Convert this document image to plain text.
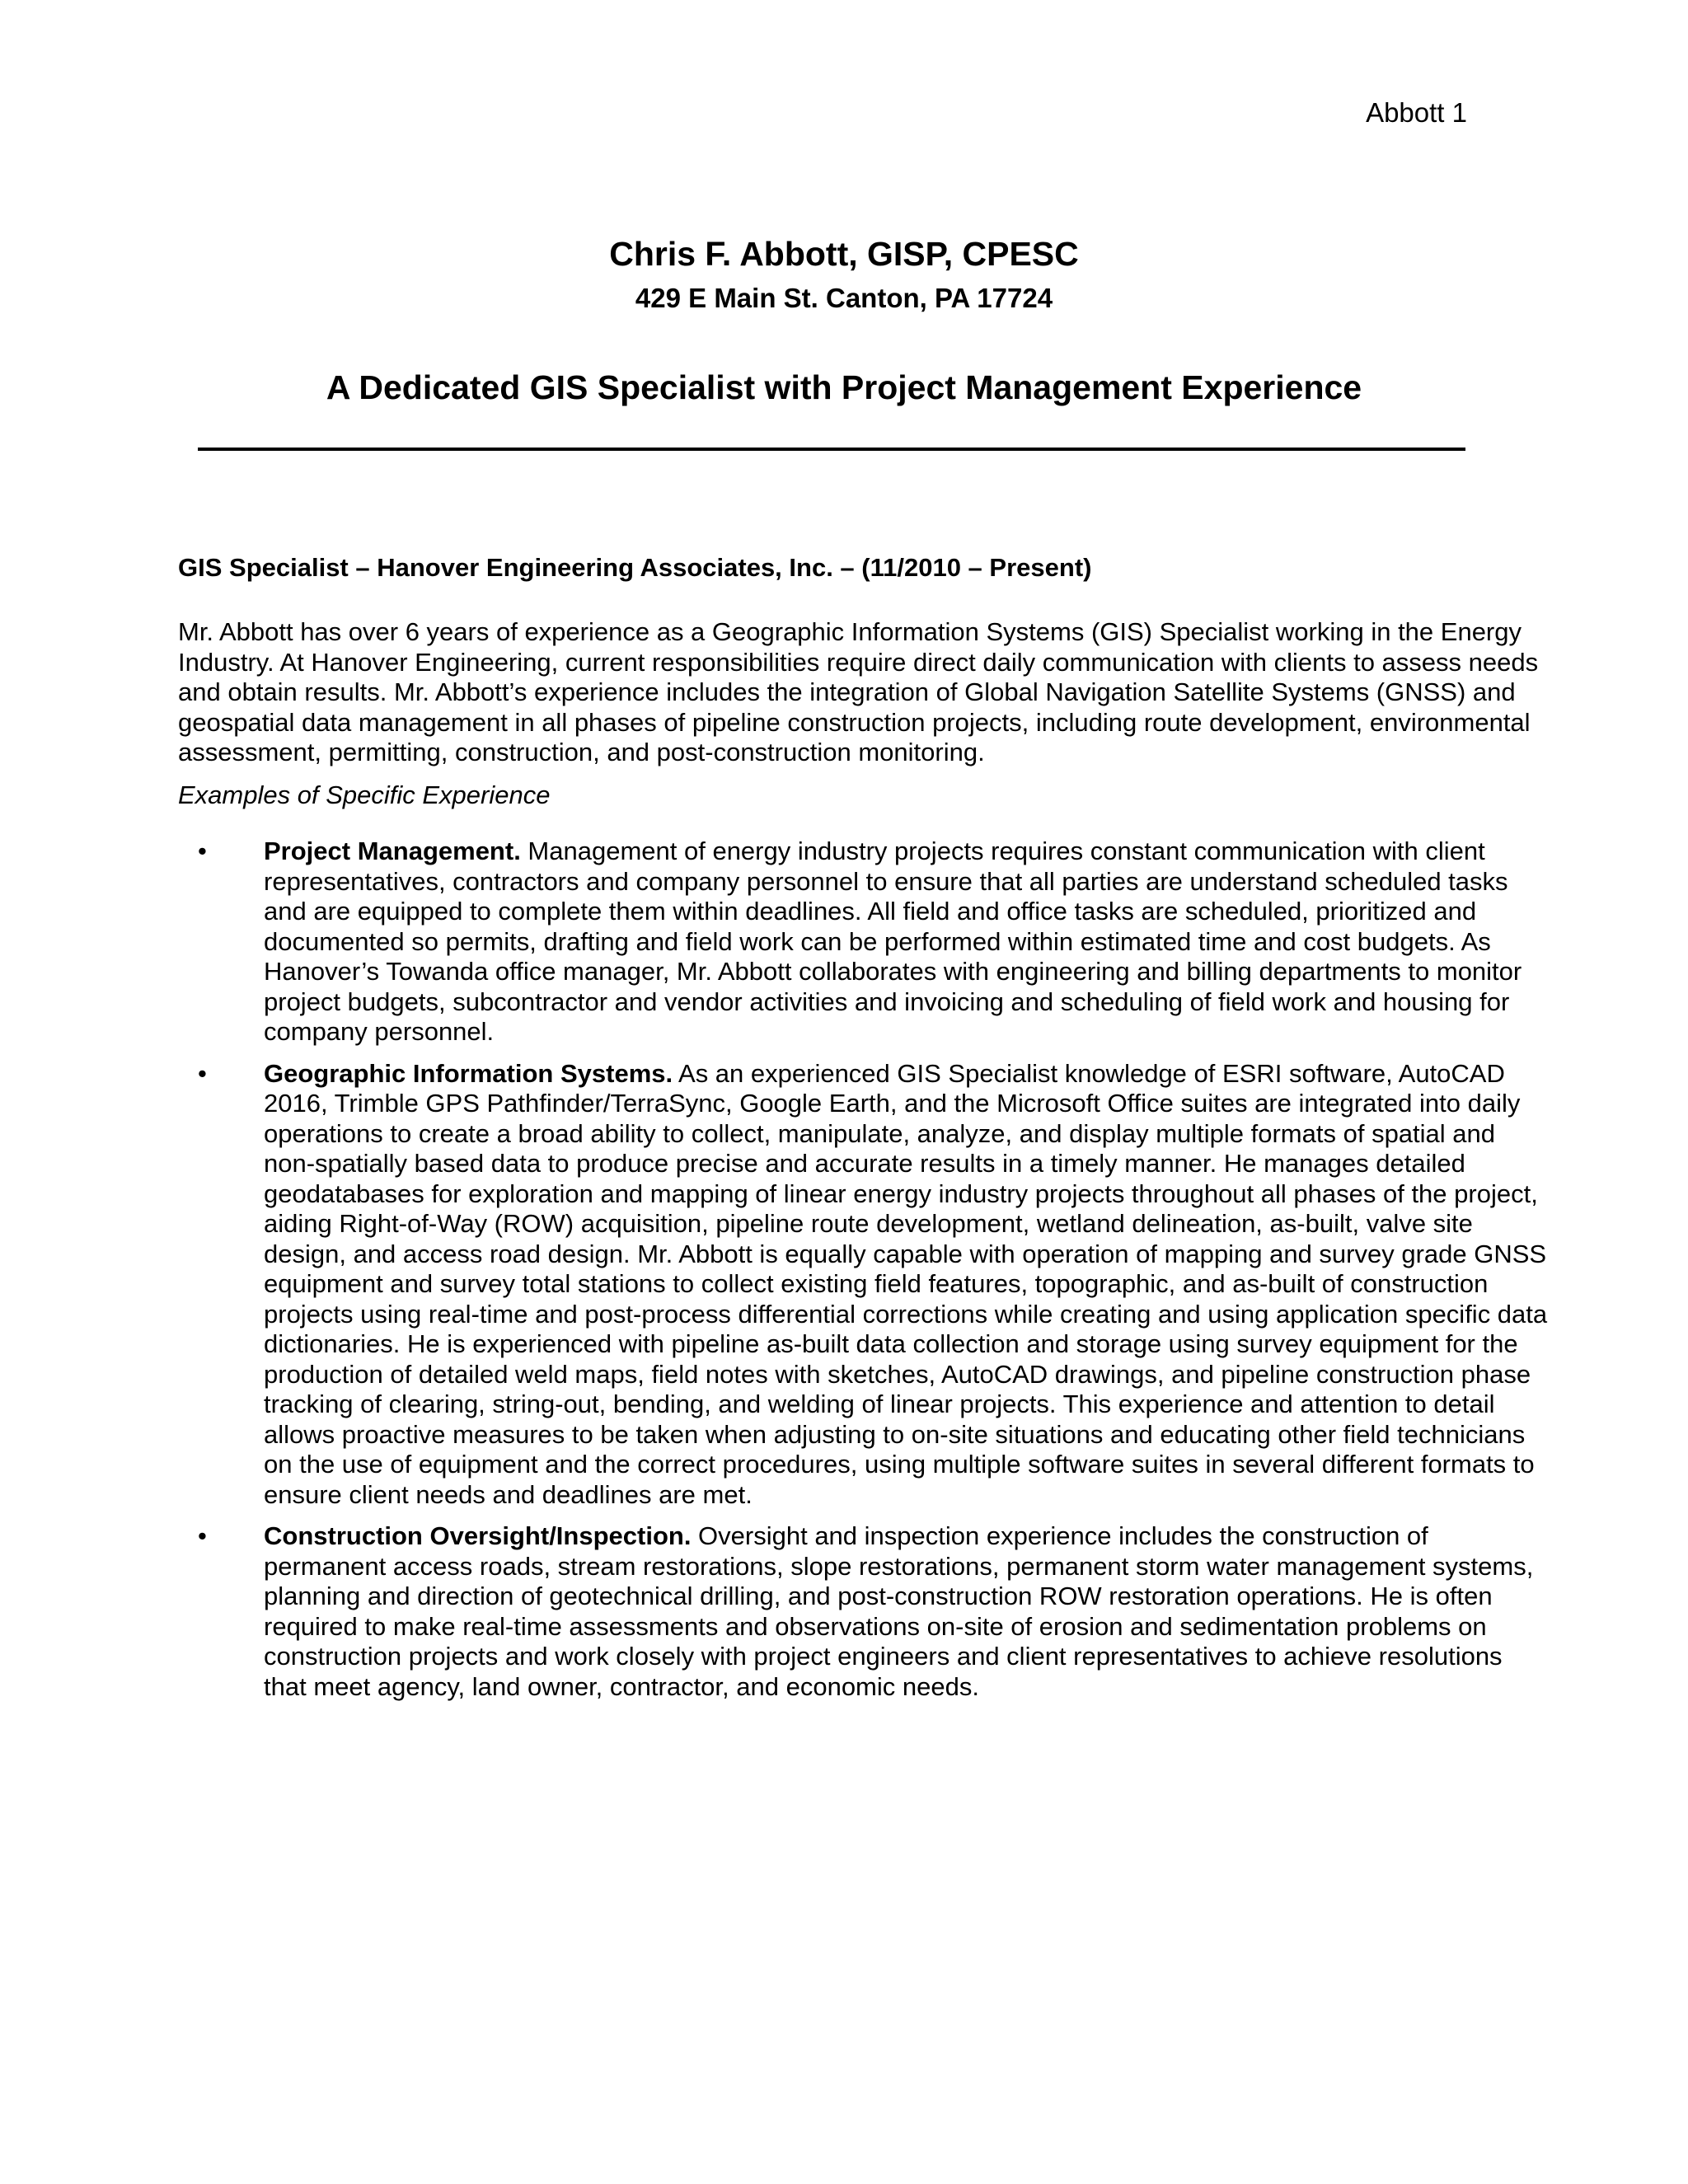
Abbott 1
Chris F. Abbott, GISP, CPESC
429 E Main St. Canton, PA 17724
A Dedicated GIS Specialist with Project Management Experience
GIS Specialist – Hanover Engineering Associates, Inc. – (11/2010 – Present)
Mr. Abbott has over 6 years of experience as a Geographic Information Systems (GIS) Specialist working in the Energy Industry. At Hanover Engineering, current responsibilities require direct daily communication with clients to assess needs and obtain results. Mr. Abbott’s experience includes the integration of Global Navigation Satellite Systems (GNSS) and geospatial data management in all phases of pipeline construction projects, including route development, environmental assessment, permitting, construction, and post-construction monitoring.
Examples of Specific Experience
• Project Management. Management of energy industry projects requires constant communication with client representatives, contractors and company personnel to ensure that all parties are understand scheduled tasks and are equipped to complete them within deadlines. All field and office tasks are scheduled, prioritized and documented so permits, drafting and field work can be performed within estimated time and cost budgets. As Hanover’s Towanda office manager, Mr. Abbott collaborates with engineering and billing departments to monitor project budgets, subcontractor and vendor activities and invoicing and scheduling of field work and housing for company personnel.
• Geographic Information Systems. As an experienced GIS Specialist knowledge of ESRI software, AutoCAD 2016, Trimble GPS Pathfinder/TerraSync, Google Earth, and the Microsoft Office suites are integrated into daily operations to create a broad ability to collect, manipulate, analyze, and display multiple formats of spatial and non-spatially based data to produce precise and accurate results in a timely manner. He manages detailed geodatabases for exploration and mapping of linear energy industry projects throughout all phases of the project, aiding Right-of-Way (ROW) acquisition, pipeline route development, wetland delineation, as-built, valve site design, and access road design. Mr. Abbott is equally capable with operation of mapping and survey grade GNSS equipment and survey total stations to collect existing field features, topographic, and as-built of construction projects using real-time and post-process differential corrections while creating and using application specific data dictionaries. He is experienced with pipeline as-built data collection and storage using survey equipment for the production of detailed weld maps, field notes with sketches, AutoCAD drawings, and pipeline construction phase tracking of clearing, string-out, bending, and welding of linear projects. This experience and attention to detail allows proactive measures to be taken when adjusting to on-site situations and educating other field technicians on the use of equipment and the correct procedures, using multiple software suites in several different formats to ensure client needs and deadlines are met.
• Construction Oversight/Inspection. Oversight and inspection experience includes the construction of permanent access roads, stream restorations, slope restorations, permanent storm water management systems, planning and direction of geotechnical drilling, and post-construction ROW restoration operations. He is often required to make real-time assessments and observations on-site of erosion and sedimentation problems on construction projects and work closely with project engineers and client representatives to achieve resolutions that meet agency, land owner, contractor, and economic needs.
